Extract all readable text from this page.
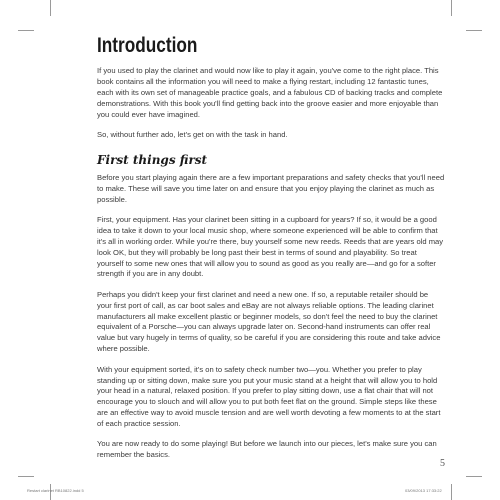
Introduction

If you used to play the clarinet and would now like to play it again, you've come to the right place. This book contains all the information you will need to make a flying restart, including 12 fantastic tunes, each with its own set of manageable practice goals, and a fabulous CD of backing tracks and complete demonstrations. With this book you'll find getting back into the groove easier and more enjoyable than you could ever have imagined.

So, without further ado, let's get on with the task in hand.

First things first

Before you start playing again there are a few important preparations and safety checks that you'll need to make. These will save you time later on and ensure that you enjoy playing the clarinet as much as possible.

First, your equipment. Has your clarinet been sitting in a cupboard for years? If so, it would be a good idea to take it down to your local music shop, where someone experienced will be able to confirm that it's all in working order. While you're there, buy yourself some new reeds. Reeds that are years old may look OK, but they will probably be long past their best in terms of sound and playability. So treat yourself to some new ones that will allow you to sound as good as you really are—and go for a softer strength if you are in any doubt.

Perhaps you didn't keep your first clarinet and need a new one. If so, a reputable retailer should be your first port of call, as car boot sales and eBay are not always reliable options. The leading clarinet manufacturers all make excellent plastic or beginner models, so don't feel the need to buy the clarinet equivalent of a Porsche—you can always upgrade later on. Second-hand instruments can offer real value but vary hugely in terms of quality, so be careful if you are considering this route and take advice where possible.

With your equipment sorted, it's on to safety check number two—you. Whether you prefer to play standing up or sitting down, make sure you put your music stand at a height that will allow you to hold your head in a natural, relaxed position. If you prefer to play sitting down, use a flat chair that will not encourage you to slouch and will allow you to put both feet flat on the ground. Simple steps like these are an effective way to avoid muscle tension and are well worth devoting a few moments to at the start of each practice session.

You are now ready to do some playing! But before we launch into our pieces, let's make sure you can remember the basics.

5
Restart clarinet RB10822.indd 5	03/09/2013 17:33:22
